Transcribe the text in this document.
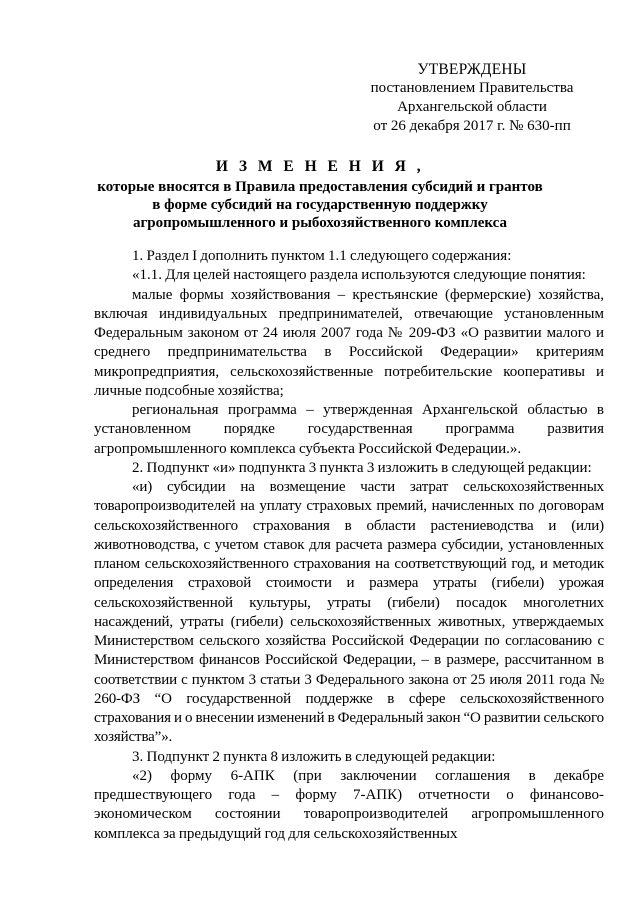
УТВЕРЖДЕНЫ
постановлением Правительства
Архангельской области
от 26 декабря 2017 г. № 630-пп
И З М Е Н Е Н И Я ,
которые вносятся в Правила предоставления субсидий и грантов
в форме субсидий на государственную поддержку
агропромышленного и рыбохозяйственного комплекса

1. Раздел I дополнить пунктом 1.1 следующего содержания:

«1.1. Для целей настоящего раздела используются следующие понятия:

малые формы хозяйствования – крестьянские (фермерские) хозяйства, включая индивидуальных предпринимателей, отвечающие установленным Федеральным законом от 24 июля 2007 года № 209-ФЗ «О развитии малого и среднего предпринимательства в Российской Федерации» критериям микропредприятия, сельскохозяйственные потребительские кооперативы и личные подсобные хозяйства;

региональная программа – утвержденная Архангельской областью в установленном порядке государственная программа развития агропромышленного комплекса субъекта Российской Федерации.».

2. Подпункт «и» подпункта 3 пункта 3 изложить в следующей редакции:

«и) субсидии на возмещение части затрат сельскохозяйственных товаропроизводителей на уплату страховых премий, начисленных по договорам сельскохозяйственного страхования в области растениеводства и (или) животноводства, с учетом ставок для расчета размера субсидии, установленных планом сельскохозяйственного страхования на соответствующий год, и методик определения страховой стоимости и размера утраты (гибели) урожая сельскохозяйственной культуры, утраты (гибели) посадок многолетних насаждений, утраты (гибели) сельскохозяйственных животных, утверждаемых Министерством сельского хозяйства Российской Федерации по согласованию с Министерством финансов Российской Федерации, – в размере, рассчитанном в соответствии с пунктом 3 статьи 3 Федерального закона от 25 июля 2011 года № 260-ФЗ “О государственной поддержке в сфере сельскохозяйственного страхования и о внесении изменений в Федеральный закон “О развитии сельского хозяйства”».

3. Подпункт 2 пункта 8 изложить в следующей редакции:

«2) форму 6-АПК (при заключении соглашения в декабре предшествующего года – форму 7-АПК) отчетности о финансово-экономическом состоянии товаропроизводителей агропромышленного комплекса за предыдущий год для сельскохозяйственных
